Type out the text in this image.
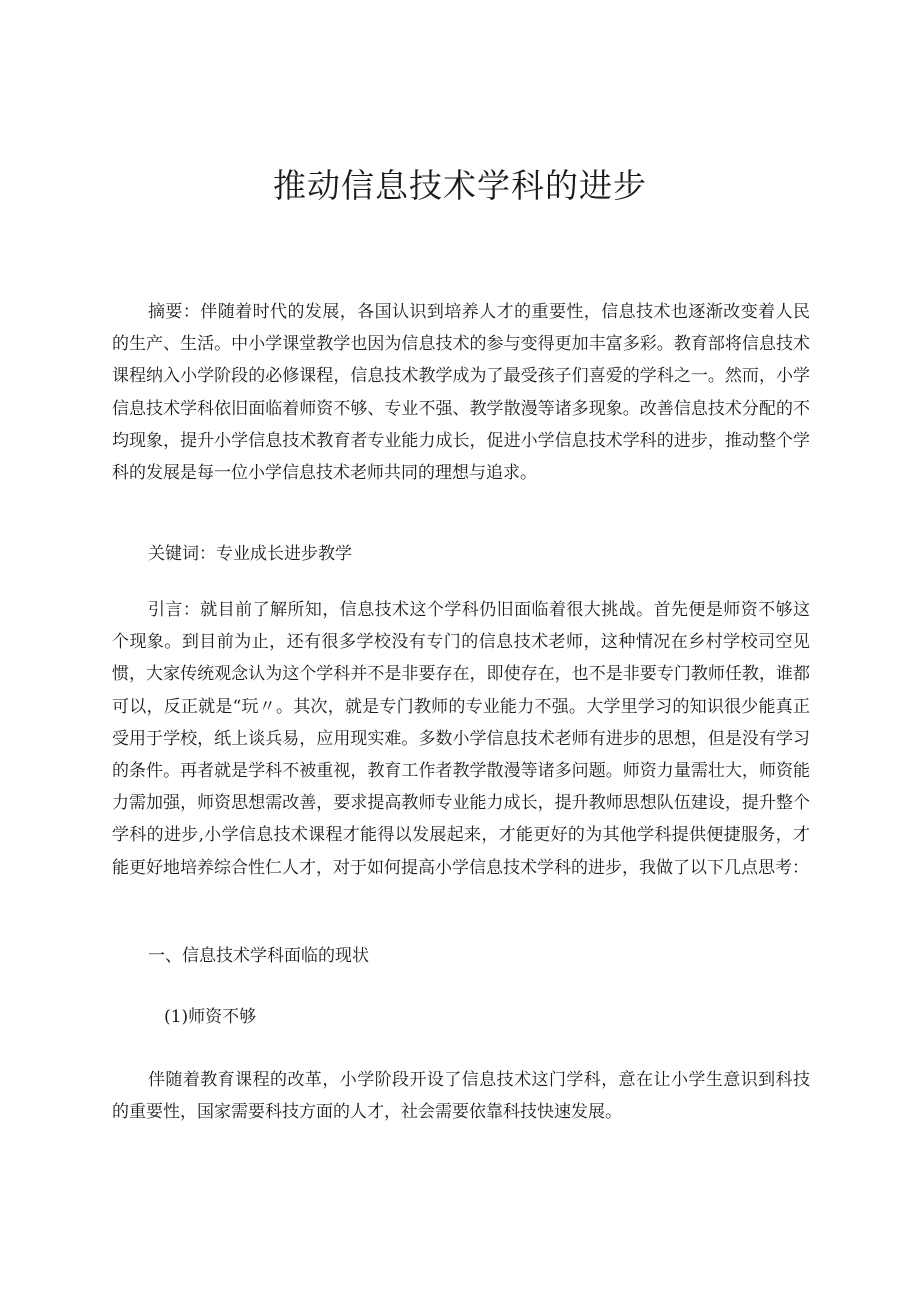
推动信息技术学科的进步

摘要：伴随着时代的发展，各国认识到培养人才的重要性，信息技术也逐渐改变着人民的生产、生活。中小学课堂教学也因为信息技术的参与变得更加丰富多彩。教育部将信息技术课程纳入小学阶段的必修课程，信息技术教学成为了最受孩子们喜爱的学科之一。然而，小学信息技术学科依旧面临着师资不够、专业不强、教学散漫等诸多现象。改善信息技术分配的不均现象，提升小学信息技术教育者专业能力成长，促进小学信息技术学科的进步，推动整个学科的发展是每一位小学信息技术老师共同的理想与追求。

关键词：专业成长进步教学

引言：就目前了解所知，信息技术这个学科仍旧面临着很大挑战。首先便是师资不够这个现象。到目前为止，还有很多学校没有专门的信息技术老师，这种情况在乡村学校司空见惯，大家传统观念认为这个学科并不是非要存在，即使存在，也不是非要专门教师任教，谁都可以，反正就是“玩〃。其次，就是专门教师的专业能力不强。大学里学习的知识很少能真正受用于学校，纸上谈兵易，应用现实难。多数小学信息技术老师有进步的思想，但是没有学习的条件。再者就是学科不被重视，教育工作者教学散漫等诸多问题。师资力量需壮大，师资能力需加强，师资思想需改善，要求提高教师专业能力成长，提升教师思想队伍建设，提升整个学科的进步,小学信息技术课程才能得以发展起来，才能更好的为其他学科提供便捷服务，才能更好地培养综合性仁人才，对于如何提高小学信息技术学科的进步，我做了以下几点思考：

一、信息技术学科面临的现状

(1)师资不够

伴随着教育课程的改革，小学阶段开设了信息技术这门学科，意在让小学生意识到科技的重要性，国家需要科技方面的人才，社会需要依靠科技快速发展。
